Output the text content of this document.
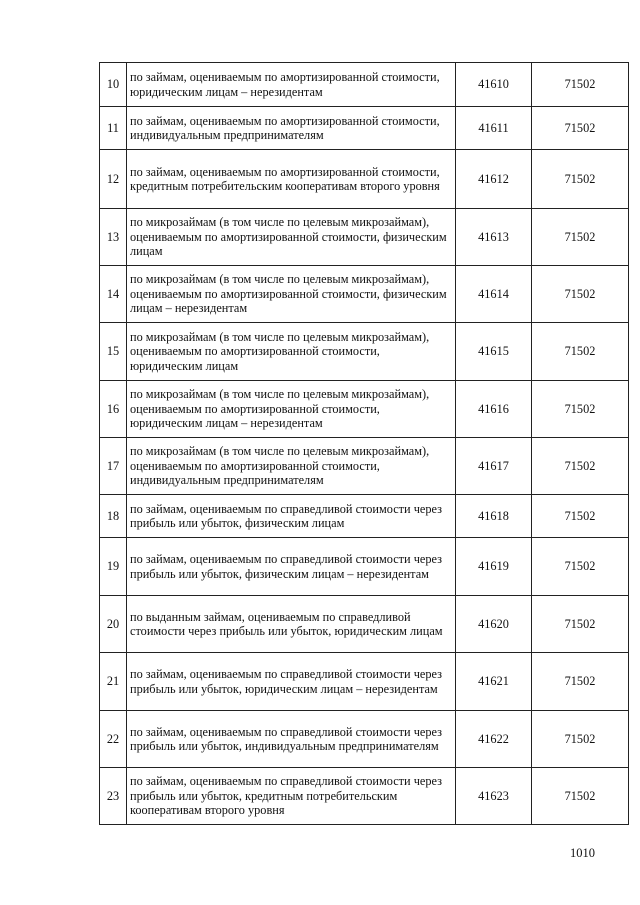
10	по займам, оцениваемым по амортизированной стоимости, юридическим лицам – нерезидентам	41610	71502
11	по займам, оцениваемым по амортизированной стоимости, индивидуальным предпринимателям	41611	71502
12	по займам, оцениваемым по амортизированной стоимости, кредитным потребительским кооперативам второго уровня	41612	71502
13	по микрозаймам (в том числе по целевым микрозаймам), оцениваемым по амортизированной стоимости, физическим лицам	41613	71502
14	по микрозаймам (в том числе по целевым микрозаймам), оцениваемым по амортизированной стоимости, физическим лицам – нерезидентам	41614	71502
15	по микрозаймам (в том числе по целевым микрозаймам), оцениваемым по амортизированной стоимости, юридическим лицам	41615	71502
16	по микрозаймам (в том числе по целевым микрозаймам), оцениваемым по амортизированной стоимости, юридическим лицам – нерезидентам	41616	71502
17	по микрозаймам (в том числе по целевым микрозаймам), оцениваемым по амортизированной стоимости, индивидуальным предпринимателям	41617	71502
18	по займам, оцениваемым по справедливой стоимости через прибыль или убыток, физическим лицам	41618	71502
19	по займам, оцениваемым по справедливой стоимости через прибыль или убыток, физическим лицам – нерезидентам	41619	71502
20	по выданным займам, оцениваемым по справедливой стоимости через прибыль или убыток, юридическим лицам	41620	71502
21	по займам, оцениваемым по справедливой стоимости через прибыль или убыток, юридическим лицам – нерезидентам	41621	71502
22	по займам, оцениваемым по справедливой стоимости через прибыль или убыток, индивидуальным предпринимателям	41622	71502
23	по займам, оцениваемым по справедливой стоимости через прибыль или убыток, кредитным потребительским кооперативам второго уровня	41623	71502
1010
